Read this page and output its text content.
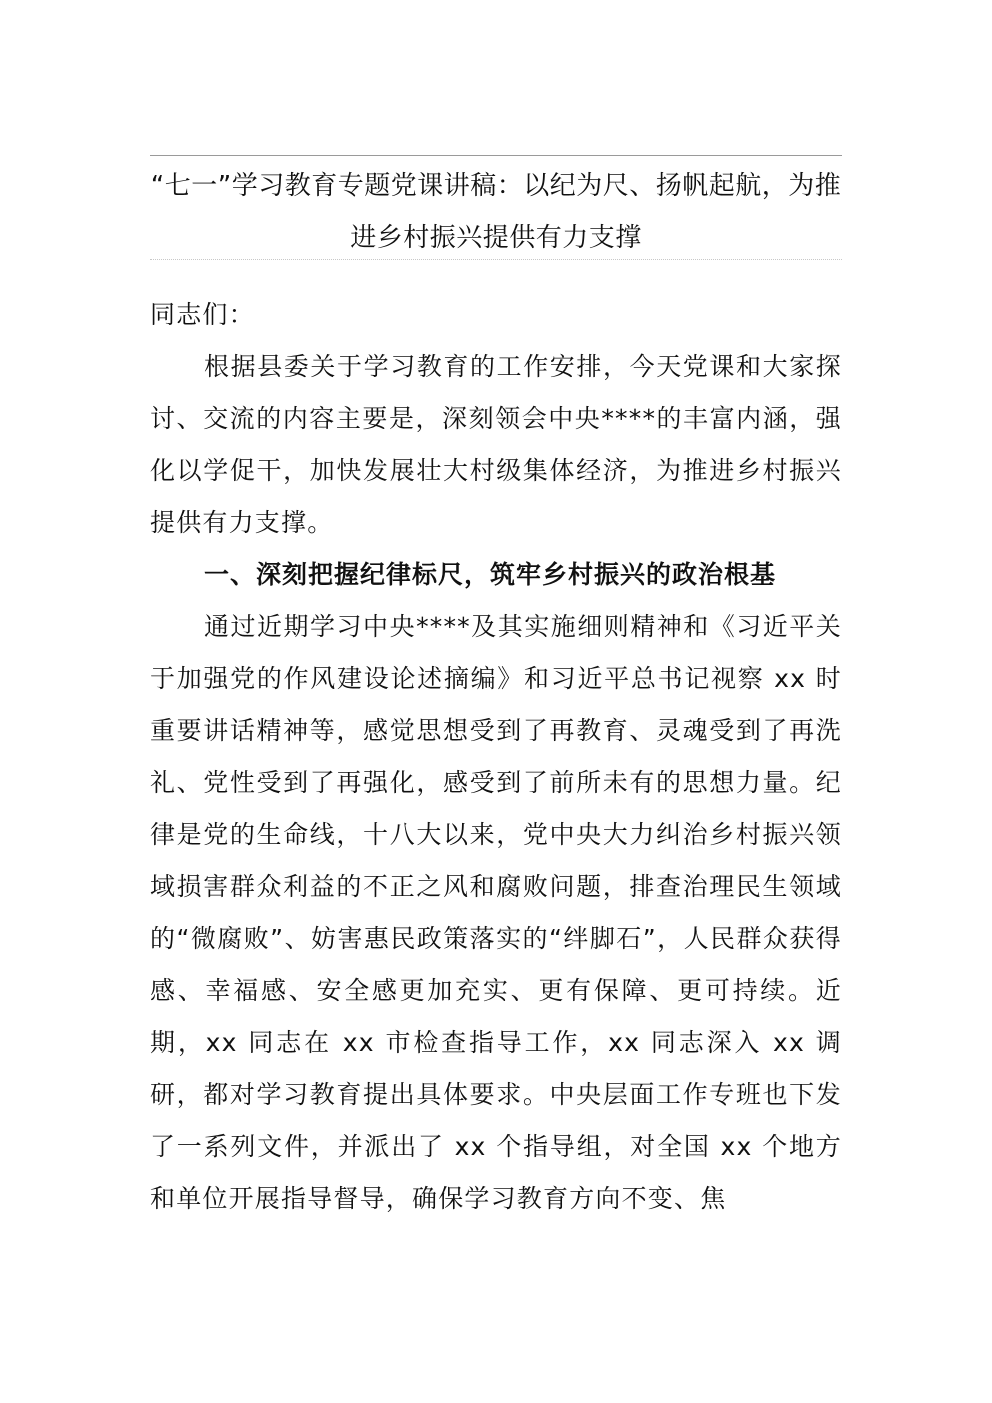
“七一”学习教育专题党课讲稿：以纪为尺、扬帆起航，为推进乡村振兴提供有力支撑
同志们：
根据县委关于学习教育的工作安排，今天党课和大家探讨、交流的内容主要是，深刻领会中央****的丰富内涵，强化以学促干，加快发展壮大村级集体经济，为推进乡村振兴提供有力支撑。
一、深刻把握纪律标尺，筑牢乡村振兴的政治根基
通过近期学习中央****及其实施细则精神和《习近平关于加强党的作风建设论述摘编》和习近平总书记视察 xx 时重要讲话精神等，感觉思想受到了再教育、灵魂受到了再洗礼、党性受到了再强化，感受到了前所未有的思想力量。纪律是党的生命线，十八大以来，党中央大力纠治乡村振兴领域损害群众利益的不正之风和腐败问题，排查治理民生领域的“微腐败”、妨害惠民政策落实的“绊脚石”，人民群众获得感、幸福感、安全感更加充实、更有保障、更可持续。近期，xx 同志在 xx 市检查指导工作，xx 同志深入 xx 调研，都对学习教育提出具体要求。中央层面工作专班也下发了一系列文件，并派出了 xx 个指导组，对全国 xx 个地方和单位开展指导督导，确保学习教育方向不变、焦
